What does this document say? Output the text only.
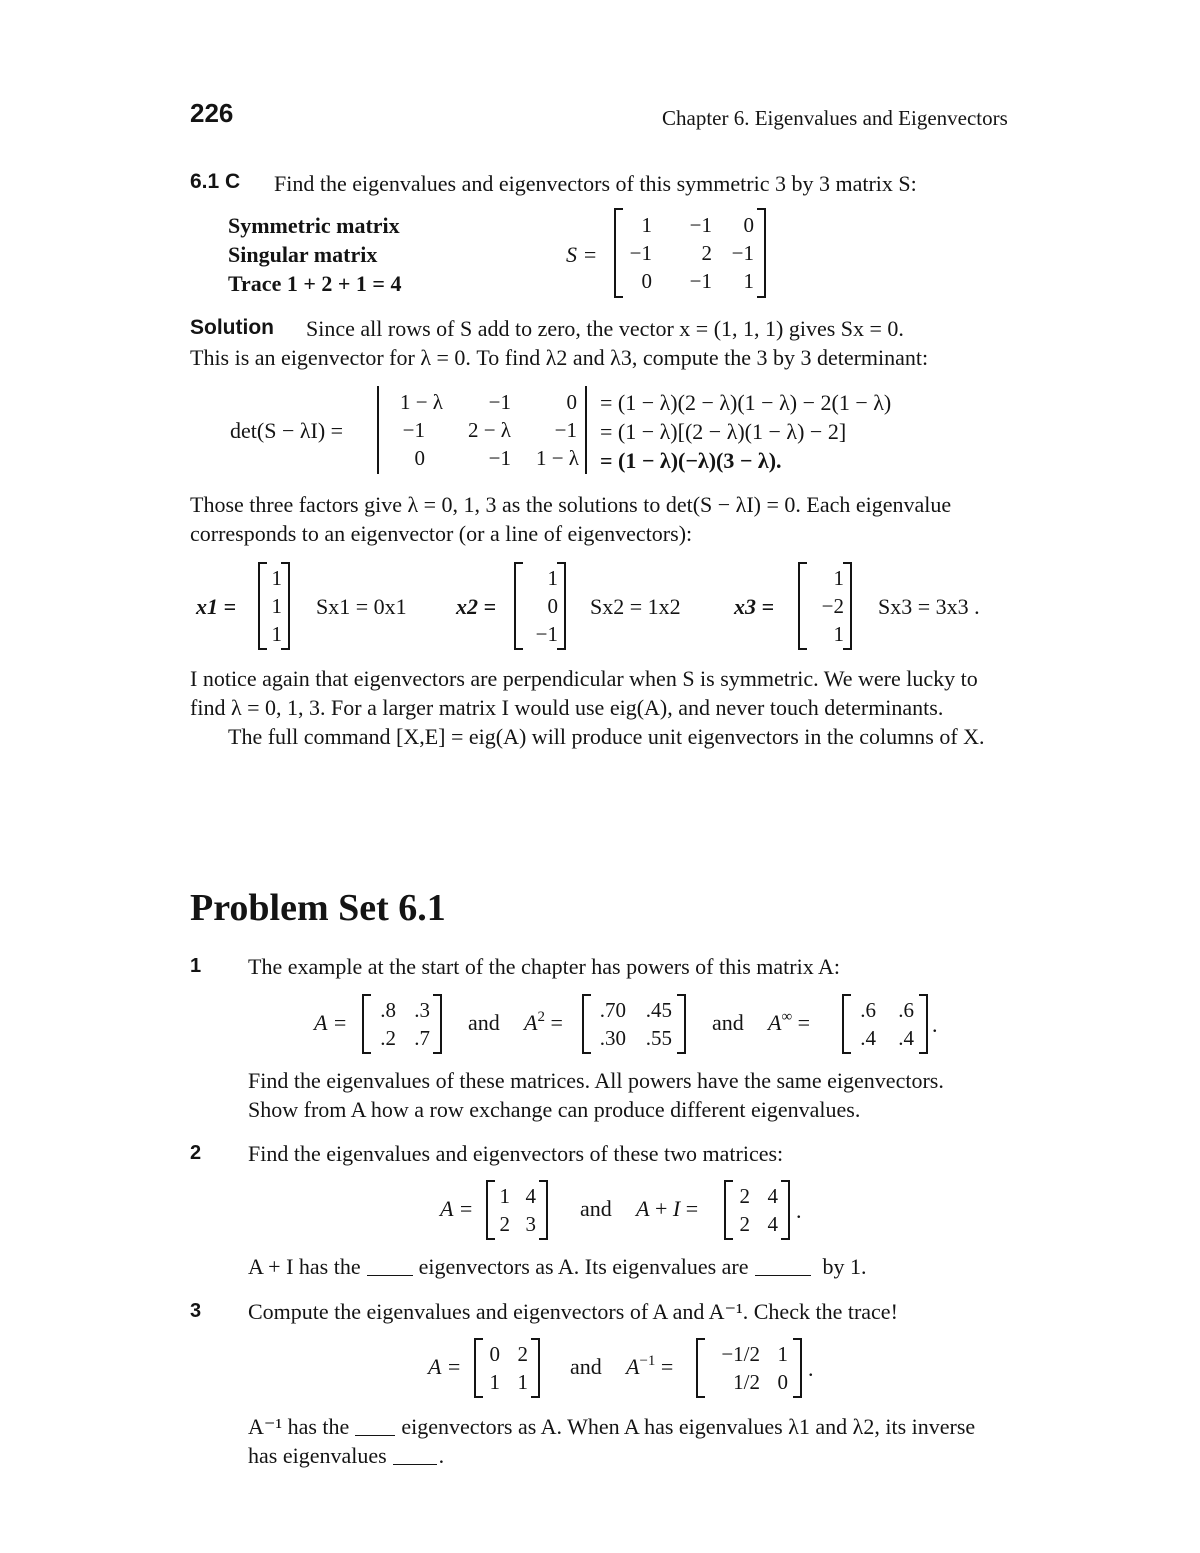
226	Chapter 6. Eigenvalues and Eigenvectors
6.1 C Find the eigenvalues and eigenvectors of this symmetric 3 by 3 matrix S:
Symmetric matrix
Singular matrix
Trace 1 + 2 + 1 = 4
S =
1	−1	0
−1	2 −1
0	−1	1
Solution Since all rows of S add to zero, the vector x = (1, 1, 1) gives Sx = 0.
This is an eigenvector for λ = 0. To find λ2 and λ3, compute the 3 by 3 determinant:
det(S − λI) =
1 − λ	−1	0
−1	2 − λ	−1
0	−1	1 − λ
= (1 − λ)(2 − λ)(1 − λ) − 2(1 − λ)
= (1 − λ)[(2 − λ)(1 − λ) − 2]
= (1 − λ)(−λ)(3 − λ).
Those three factors give λ = 0, 1, 3 as the solutions to det(S − λI) = 0. Each eigenvalue
corresponds to an eigenvector (or a line of eigenvectors):
x1 =
1
1
1
Sx1 = 0x1 x2 =
1
0
−1
Sx2 = 1x2 x3 =
1
−2
1
Sx3 = 3x3 .
I notice again that eigenvectors are perpendicular when S is symmetric. We were lucky to
find λ = 0, 1, 3. For a larger matrix I would use eig(A), and never touch determinants.
The full command [X,E] = eig(A) will produce unit eigenvectors in the columns of X.
Problem Set 6.1
1 The example at the start of the chapter has powers of this matrix A:
A =	.8 .3
.2 .7
and $A^2$ =	.70 .45
.30 .55
and A∞ =	.6	.6
.4	.4
.
Find the eigenvalues of these matrices. All powers have the same eigenvectors.
Show from A how a row exchange can produce different eigenvalues.
2 Find the eigenvalues and eigenvectors of these two matrices:
A =	1 4
2 3
and A + I =	2 4
2 4
.
A + I has the	eigenvectors as A. Its eigenvalues are	by 1.
3 Compute the eigenvalues and eigenvectors of A and A⁻¹. Check the trace!
A =	0 2
1 1
and $A^{-1}$ =	−1/2 1
1/2 0
.
A⁻¹ has the eigenvectors as A. When A has eigenvalues λ1 and λ2, its inverse
has eigenvalues .
